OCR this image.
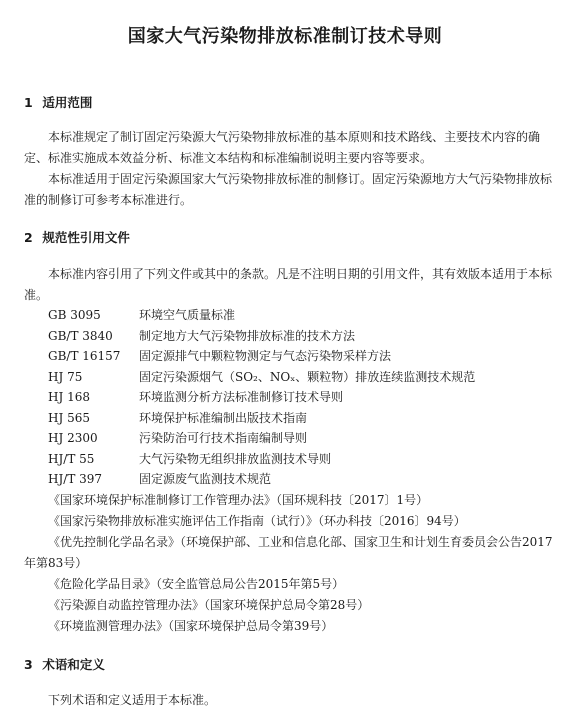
国家大气污染物排放标准制订技术导则
1 适用范围

本标准规定了制订固定污染源大气污染物排放标准的基本原则和技术路线、主要技术内容的确定、标准实施成本效益分析、标准文本结构和标准编制说明主要内容等要求。

本标准适用于固定污染源国家大气污染物排放标准的制修订。固定污染源地方大气污染物排放标准的制修订可参考本标准进行。

2 规范性引用文件

本标准内容引用了下列文件或其中的条款。凡是不注明日期的引用文件，其有效版本适用于本标准。

GB 3095	环境空气质量标准
GB/T 3840 制定地方大气污染物排放标准的技术方法
GB/T 16157 固定源排气中颗粒物测定与气态污染物采样方法
HJ 75	固定污染源烟气（SO₂、NOₓ、颗粒物）排放连续监测技术规范
HJ 168	环境监测分析方法标准制修订技术导则
HJ 565	环境保护标准编制出版技术指南
HJ 2300	污染防治可行技术指南编制导则
HJ/T 55	大气污染物无组织排放监测技术导则
HJ/T 397	固定源废气监测技术规范

《国家环境保护标准制修订工作管理办法》（国环规科技〔2017〕1号）

《国家污染物排放标准实施评估工作指南（试行）》（环办科技〔2016〕94号）

《优先控制化学品名录》（环境保护部、工业和信息化部、国家卫生和计划生育委员会公告2017年第83号）

《危险化学品目录》（安全监管总局公告2015年第5号）

《污染源自动监控管理办法》（国家环境保护总局令第28号）

《环境监测管理办法》（国家环境保护总局令第39号）

3 术语和定义

下列术语和定义适用于本标准。
